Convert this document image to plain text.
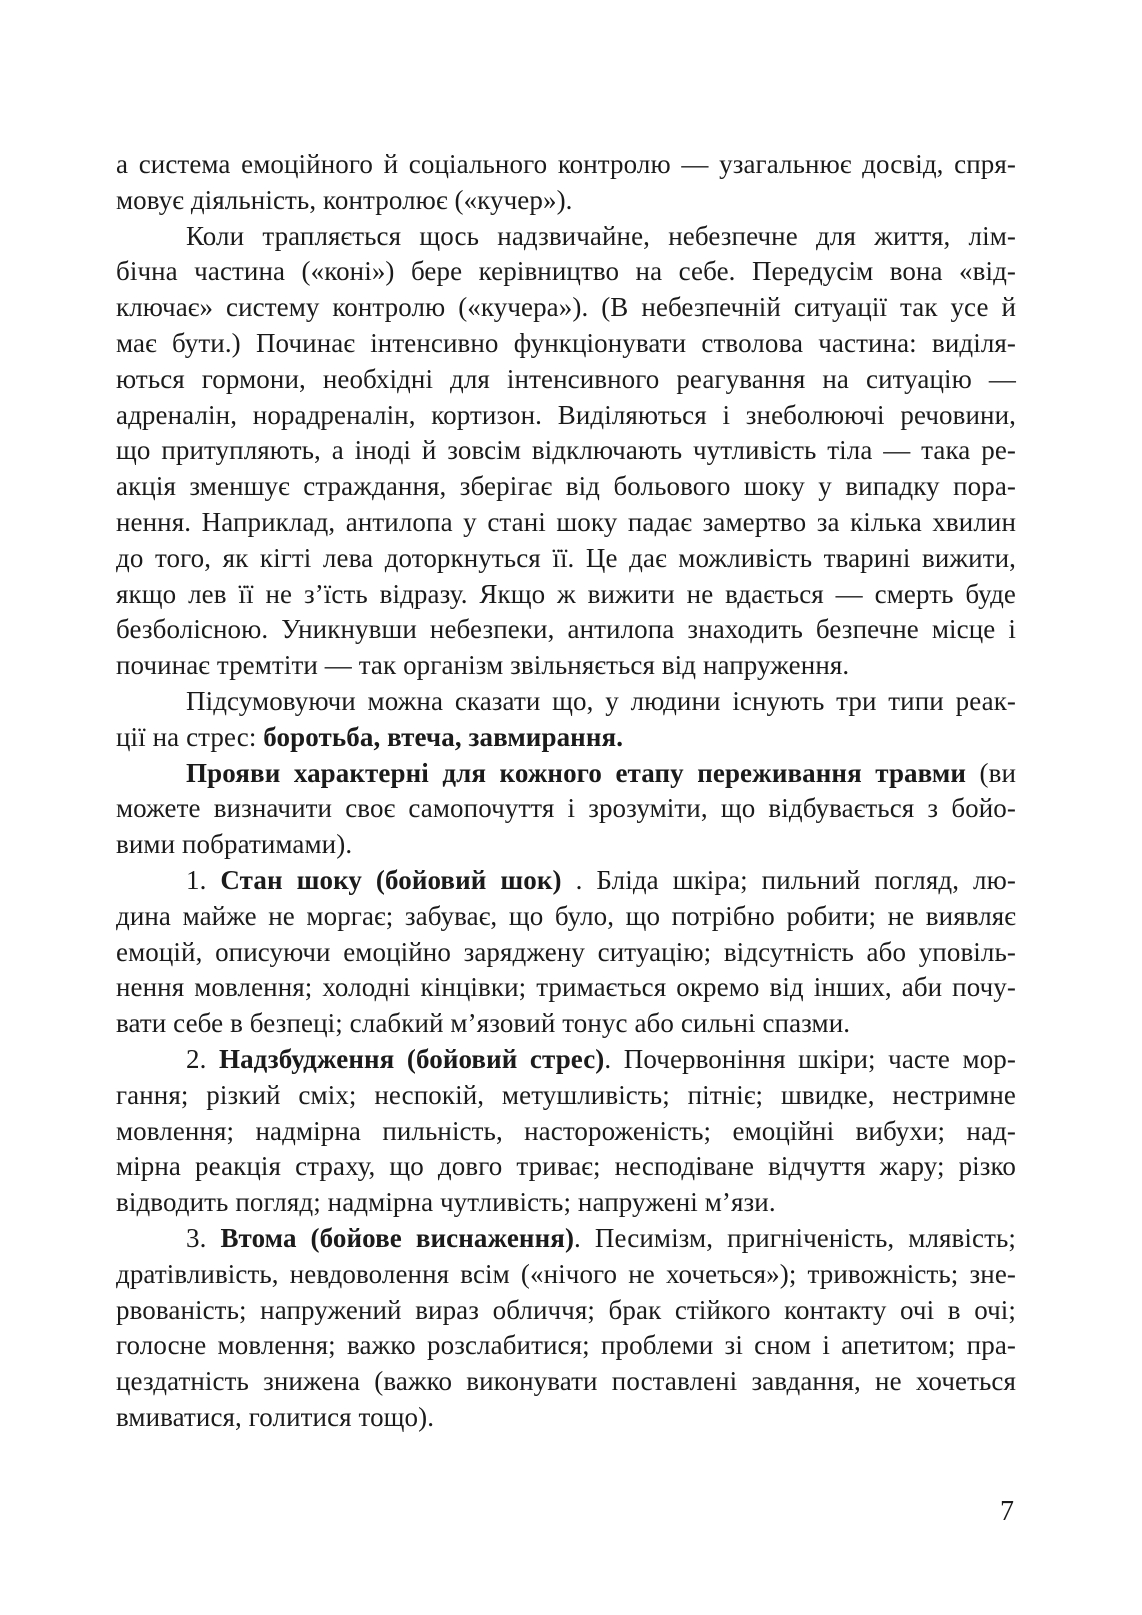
а система емоційного й соціального контролю — узагальнює досвід, спря-
мовує діяльність, контролює («кучер»).
Коли трапляється щось надзвичайне, небезпечне для життя, лім-
бічна частина («коні») бере керівництво на себе. Передусім вона «від-
ключає» систему контролю («кучера»). (В небезпечній ситуації так усе й
має бути.) Починає інтенсивно функціонувати стволова частина: виділя-
ються гормони, необхідні для інтенсивного реагування на ситуацію —
адреналін, норадреналін, кортизон. Виділяються і знеболюючі речовини,
що притупляють, а іноді й зовсім відключають чутливість тіла — така ре-
акція зменшує страждання, зберігає від больового шоку у випадку пора-
нення. Наприклад, антилопа у стані шоку падає замертво за кілька хвилин
до того, як кігті лева доторкнуться її. Це дає можливість тварині вижити,
якщо лев її не з’їсть відразу. Якщо ж вижити не вдається — смерть буде
безболісною. Уникнувши небезпеки, антилопа знаходить безпечне місце і
починає тремтіти — так організм звільняється від напруження.
Підсумовуючи можна сказати що, у людини існують три типи реак-
ції на стрес: боротьба, втеча, завмирання.
Прояви характерні для кожного етапу переживання травми (ви
можете визначити своє самопочуття і зрозуміти, що відбувається з бойо-
вими побратимами).
1. Стан шоку (бойовий шок) . Бліда шкіра; пильний погляд, лю-
дина майже не моргає; забуває, що було, що потрібно робити; не виявляє
емоцій, описуючи емоційно заряджену ситуацію; відсутність або уповіль-
нення мовлення; холодні кінцівки; тримається окремо від інших, аби почу-
вати себе в безпеці; слабкий м’язовий тонус або сильні спазми.
2. Надзбудження (бойовий стрес). Почервоніння шкіри; часте мор-
гання; різкий сміх; неспокій, метушливість; пітніє; швидке, нестримне
мовлення; надмірна пильність, настороженість; емоційні вибухи; над-
мірна реакція страху, що довго триває; несподіване відчуття жару; різко
відводить погляд; надмірна чутливість; напружені м’язи.
3. Втома (бойове виснаження). Песимізм, пригніченість, млявість;
дратівливість, невдоволення всім («нічого не хочеться»); тривожність; зне-
рвованість; напружений вираз обличчя; брак стійкого контакту очі в очі;
голосне мовлення; важко розслабитися; проблеми зі сном і апетитом; пра-
цездатність знижена (важко виконувати поставлені завдання, не хочеться
вмиватися, голитися тощо).
7
